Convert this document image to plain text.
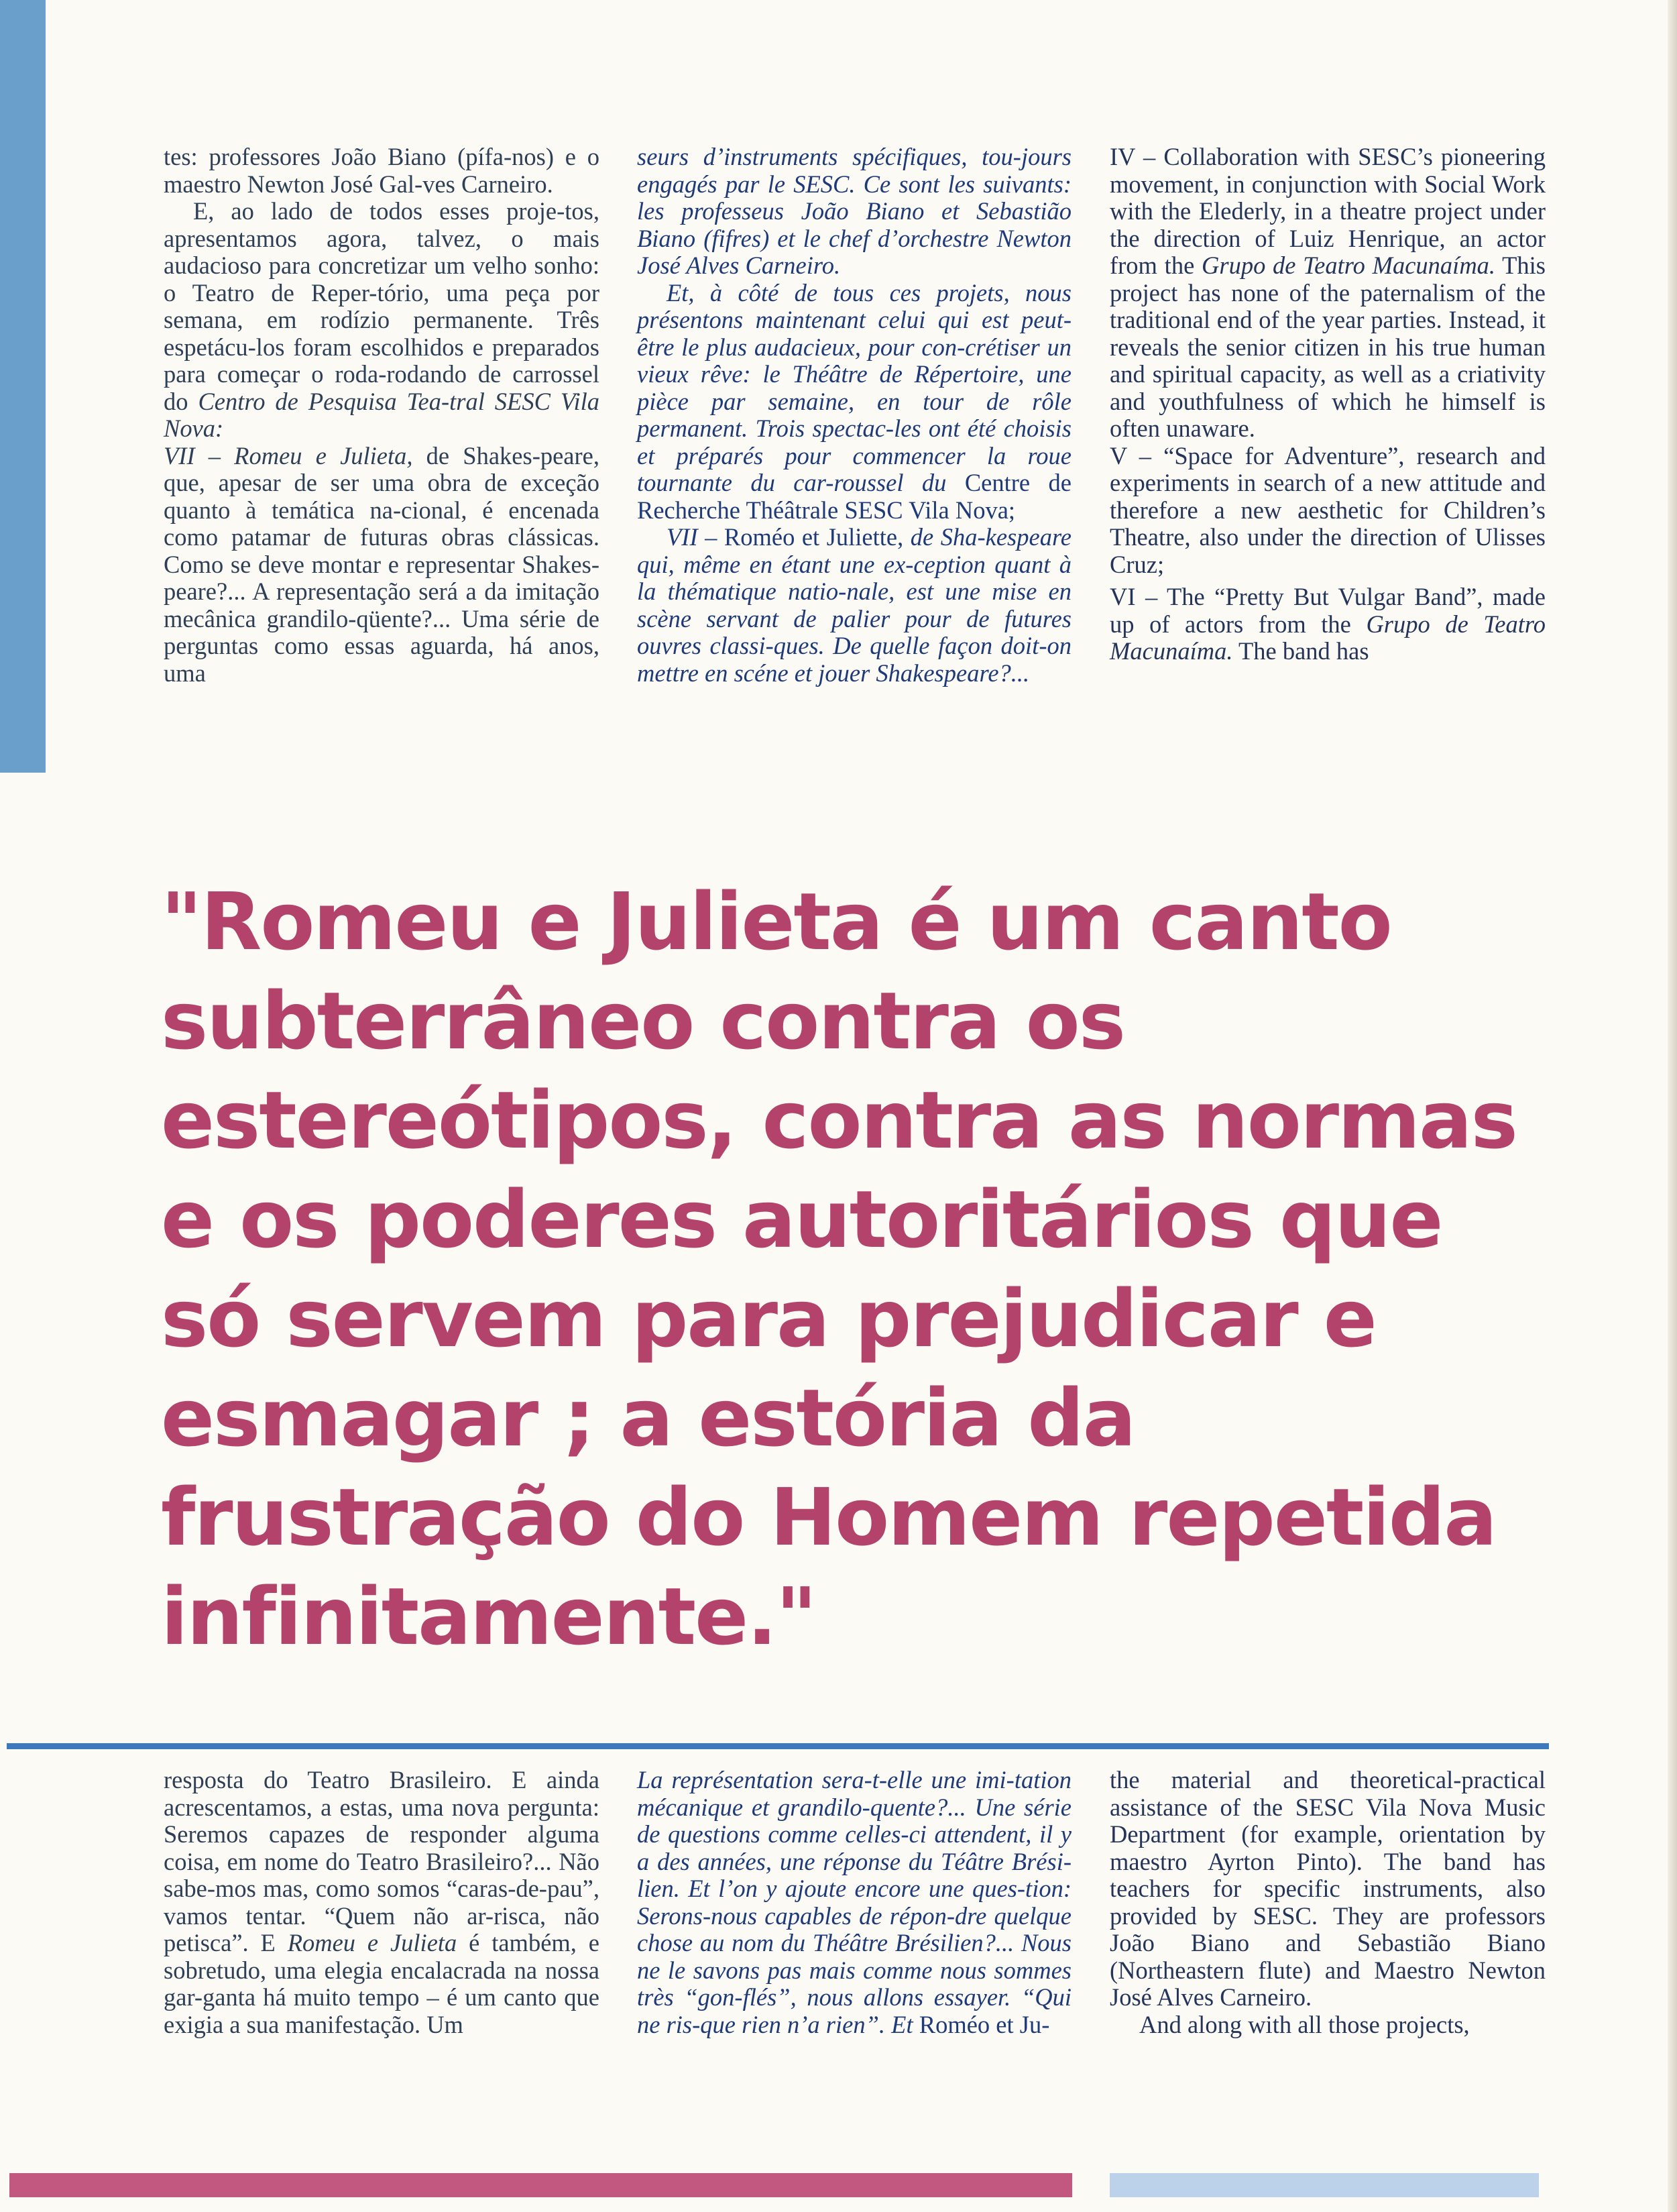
tes: professores João Biano (pífa-nos) e o maestro Newton José Gal-ves Carneiro.

E, ao lado de todos esses proje-tos, apresentamos agora, talvez, o mais audacioso para concretizar um velho sonho: o Teatro de Reper-tório, uma peça por semana, em rodízio permanente. Três espetácu-los foram escolhidos e preparados para começar o roda-rodando de carrossel do Centro de Pesquisa Tea-tral SESC Vila Nova:

VII – Romeu e Julieta, de Shakes-peare, que, apesar de ser uma obra de exceção quanto à temática na-cional, é encenada como patamar de futuras obras clássicas. Como se deve montar e representar Shakes-peare?... A representação será a da imitação mecânica grandilo-qüente?... Uma série de perguntas como essas aguarda, há anos, uma

seurs d’instruments spécifiques, tou-jours engagés par le SESC. Ce sont les suivants: les professeus João Biano et Sebastião Biano (fifres) et le chef d’orchestre Newton José Alves Carneiro.

Et, à côté de tous ces projets, nous présentons maintenant celui qui est peut-être le plus audacieux, pour con-crétiser un vieux rêve: le Théâtre de Répertoire, une pièce par semaine, en tour de rôle permanent. Trois spectac-les ont été choisis et préparés pour commencer la roue tournante du car-roussel du Centre de Recherche Théâtrale SESC Vila Nova;

VII – Roméo et Juliette, de Sha-kespeare qui, même en étant une ex-ception quant à la thématique natio-nale, est une mise en scène servant de palier pour de futures ouvres classi-ques. De quelle façon doit-on mettre en scéne et jouer Shakespeare?...

IV – Collaboration with SESC’s pioneering movement, in conjunction with Social Work with the Elederly, in a theatre project under the direction of Luiz Henrique, an actor from the Grupo de Teatro Macunaíma. This project has none of the paternalism of the traditional end of the year parties. Instead, it reveals the senior citizen in his true human and spiritual capacity, as well as a criativity and youthfulness of which he himself is often unaware.

V – “Space for Adventure”, research and experiments in search of a new attitude and therefore a new aesthetic for Children’s Theatre, also under the direction of Ulisses Cruz;

VI – The “Pretty But Vulgar Band”, made up of actors from the Grupo de Teatro Macunaíma. The band has

"Romeu e Julieta é um canto
subterrâneo contra os
estereótipos, contra as normas
e os poderes autoritários que
só servem para prejudicar e
esmagar ; a estória da
frustração do Homem repetida
infinitamente."

resposta do Teatro Brasileiro. E ainda acrescentamos, a estas, uma nova pergunta: Seremos capazes de responder alguma coisa, em nome do Teatro Brasileiro?... Não sabe-mos mas, como somos “caras-de-pau”, vamos tentar. “Quem não ar-risca, não petisca”. E Romeu e Julieta é também, e sobretudo, uma elegia encalacrada na nossa gar-ganta há muito tempo – é um canto que exigia a sua manifestação. Um

La représentation sera-t-elle une imi-tation mécanique et grandilo-quente?... Une série de questions comme celles-ci attendent, il y a des années, une réponse du Téâtre Brési-lien. Et l’on y ajoute encore une ques-tion: Serons-nous capables de répon-dre quelque chose au nom du Théâtre Brésilien?... Nous ne le savons pas mais comme nous sommes très “gon-flés”, nous allons essayer. “Qui ne ris-que rien n’a rien”. Et Roméo et Ju-

the material and theoretical-practical assistance of the SESC Vila Nova Music Department (for example, orientation by maestro Ayrton Pinto). The band has teachers for specific instruments, also provided by SESC. They are professors João Biano and Sebastião Biano (Northeastern flute) and Maestro Newton José Alves Carneiro.

And along with all those projects,
